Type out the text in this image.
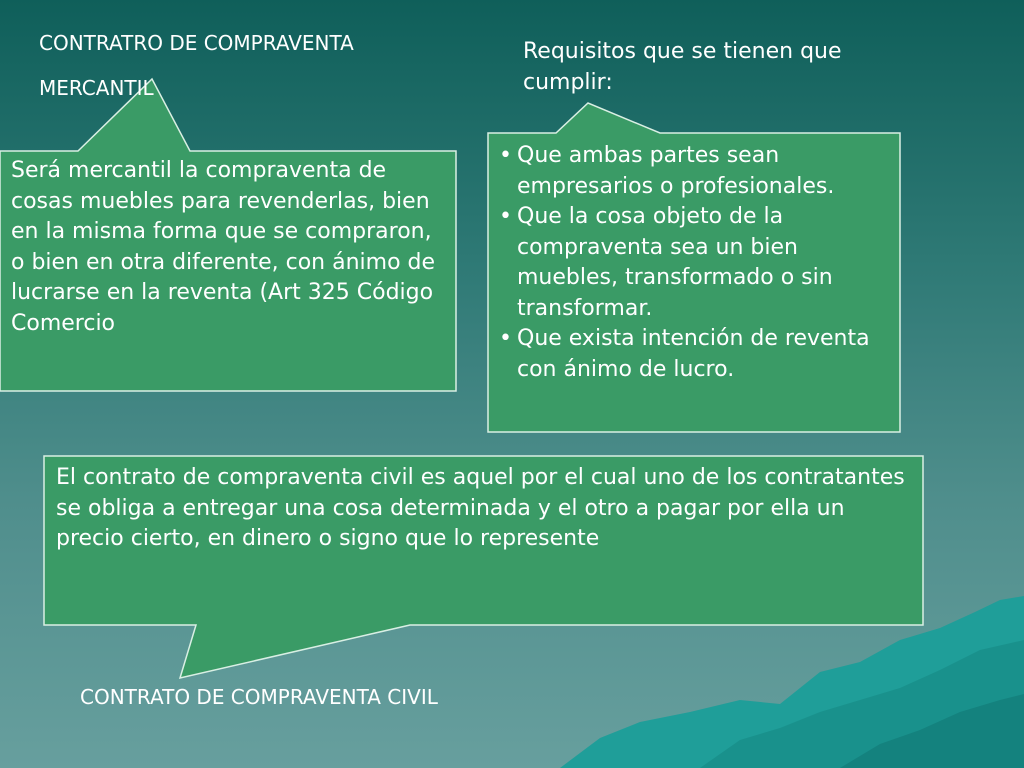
CONTRATRO DE COMPRAVENTA
MERCANTIL
Será mercantil la compraventa de cosas muebles para revenderlas, bien en la misma forma que se compraron, o bien en otra diferente, con ánimo de lucrarse en la reventa (Art 325 Código Comercio
Requisitos que se tienen que cumplir:
• Que ambas partes sean empresarios o profesionales.
• Que la cosa objeto de la compraventa sea un bien muebles, transformado o sin transformar.
• Que exista intención de reventa con ánimo de lucro.
El contrato de compraventa civil es aquel por el cual uno de los contratantes se obliga a entregar una cosa determinada y el otro a pagar por ella un precio cierto, en dinero o signo que lo represente
CONTRATO DE COMPRAVENTA CIVIL
